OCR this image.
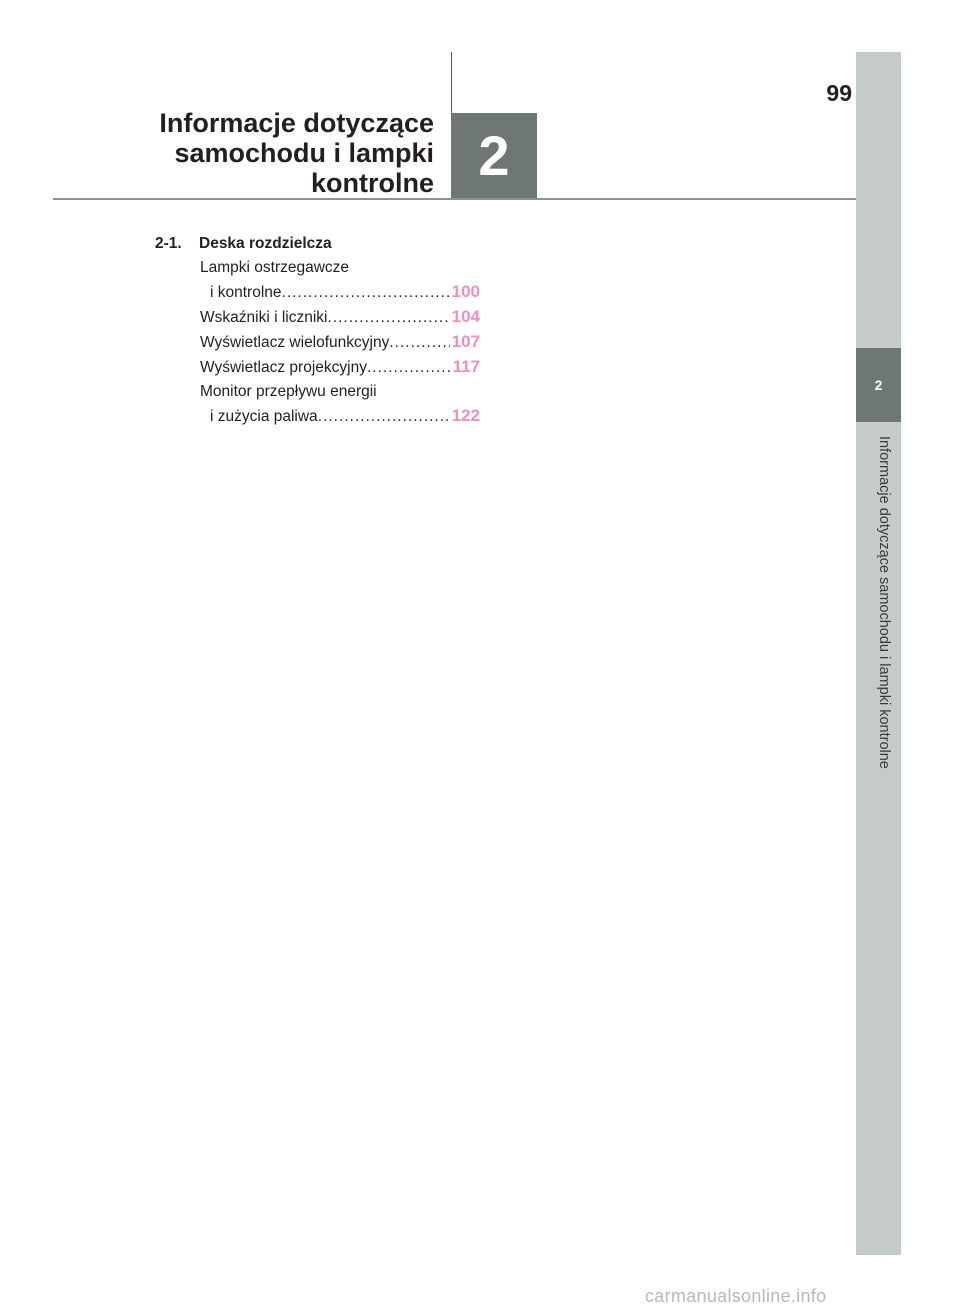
Informacje dotyczące
samochodu i lampki
kontrolne 2
99
2
Informacje dotyczące samochodu i lampki kontrolne
2-1. Deska rozdzielcza
Lampki ostrzegawcze
i kontrolne .....	100
Wskaźniki i liczniki .....	104
Wyświetlacz wielofunkcyjny .....	107
Wyświetlacz projekcyjny .....	117
Monitor przepływu energii
i zużycia paliwa .....	122
carmanualsonline.info
